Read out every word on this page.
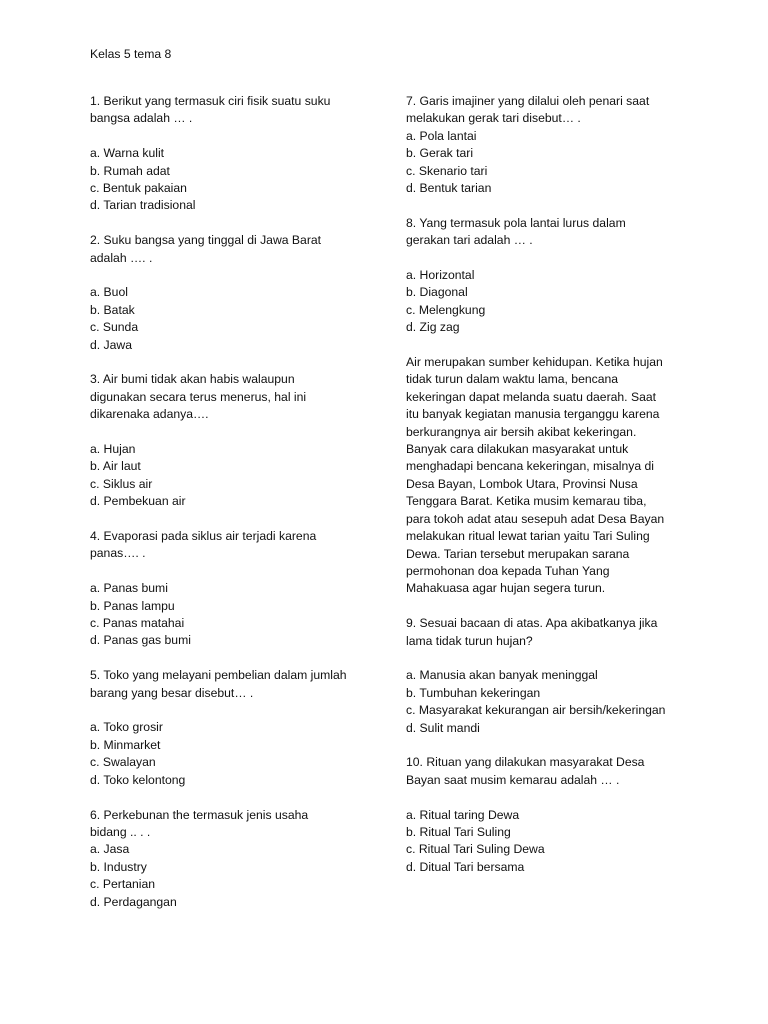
Kelas 5 tema 8
1. Berikut yang termasuk ciri fisik suatu suku
bangsa adalah … .
a. Warna kulit
b. Rumah adat
c. Bentuk pakaian
d. Tarian tradisional
2. Suku bangsa yang tinggal di Jawa Barat
adalah …. .
a. Buol
b. Batak
c. Sunda
d. Jawa
3. Air bumi tidak akan habis walaupun
digunakan secara terus menerus, hal ini
dikarenaka adanya….
a. Hujan
b. Air laut
c. Siklus air
d. Pembekuan air
4. Evaporasi pada siklus air terjadi karena
panas…. .
a. Panas bumi
b. Panas lampu
c. Panas matahai
d. Panas gas bumi
5. Toko yang melayani pembelian dalam jumlah
barang yang besar disebut… .
a. Toko grosir
b. Minmarket
c. Swalayan
d. Toko kelontong
6. Perkebunan the termasuk jenis usaha
bidang .. . .
a. Jasa
b. Industry
c. Pertanian
d. Perdagangan
7. Garis imajiner yang dilalui oleh penari saat
melakukan gerak tari disebut… .
a. Pola lantai
b. Gerak tari
c. Skenario tari
d. Bentuk tarian
8. Yang termasuk pola lantai lurus dalam
gerakan tari adalah … .
a. Horizontal
b. Diagonal
c. Melengkung
d. Zig zag
Air merupakan sumber kehidupan. Ketika hujan
tidak turun dalam waktu lama, bencana
kekeringan dapat melanda suatu daerah. Saat
itu banyak kegiatan manusia terganggu karena
berkurangnya air bersih akibat kekeringan.
Banyak cara dilakukan masyarakat untuk
menghadapi bencana kekeringan, misalnya di
Desa Bayan, Lombok Utara, Provinsi Nusa
Tenggara Barat. Ketika musim kemarau tiba,
para tokoh adat atau sesepuh adat Desa Bayan
melakukan ritual lewat tarian yaitu Tari Suling
Dewa. Tarian tersebut merupakan sarana
permohonan doa kepada Tuhan Yang
Mahakuasa agar hujan segera turun.
9. Sesuai bacaan di atas. Apa akibatkanya jika
lama tidak turun hujan?
a. Manusia akan banyak meninggal
b. Tumbuhan kekeringan
c. Masyarakat kekurangan air bersih/kekeringan
d. Sulit mandi
10. Rituan yang dilakukan masyarakat Desa
Bayan saat musim kemarau adalah … .
a. Ritual taring Dewa
b. Ritual Tari Suling
c. Ritual Tari Suling Dewa
d. Ditual Tari bersama
